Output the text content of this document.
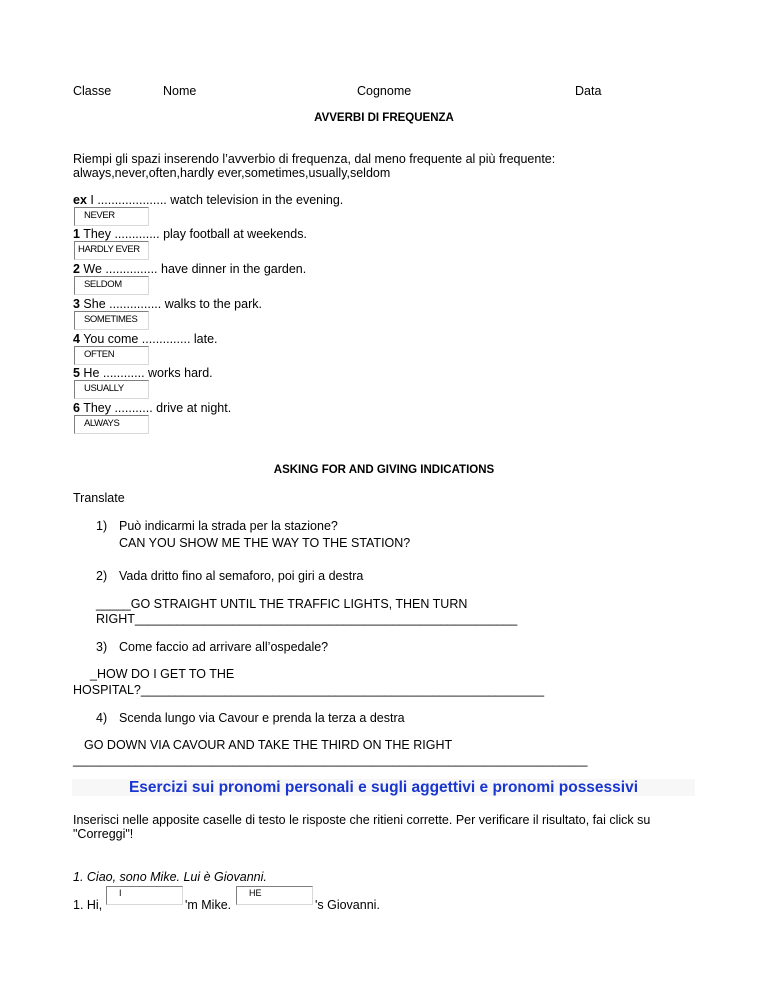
Classe	Nome	Cognome	Data
AVVERBI DI FREQUENZA
Riempi gli spazi inserendo l’avverbio di frequenza, dal meno frequente al più frequente:
always,never,often,hardly ever,sometimes,usually,seldom
ex I .................... watch television in the evening.
NEVER
1 They ............. play football at weekends.
HARDLY EVER
2 We ............... have dinner in the garden.
SELDOM
3 She ............... walks to the park.
SOMETIMES
4 You come .............. late.
OFTEN
5 He ............ works hard.
USUALLY
6 They ........... drive at night.
ALWAYS
ASKING FOR AND GIVING INDICATIONS
Translate
1) Può indicarmi la strada per la stazione?
CAN YOU SHOW ME THE WAY TO THE STATION?
2) Vada dritto fino al semaforo, poi giri a destra
_____GO STRAIGHT UNTIL THE TRAFFIC LIGHTS, THEN TURN
RIGHT_______________________________________________________
3) Come faccio ad arrivare all’ospedale?
_HOW DO I GET TO THE
HOSPITAL?__________________________________________________________
4) Scenda lungo via Cavour e prenda la terza a destra
GO DOWN VIA CAVOUR AND TAKE THE THIRD ON THE RIGHT
__________________________________________________________________________
Esercizi sui pronomi personali e sugli aggettivi e pronomi possessivi
Inserisci nelle apposite caselle di testo le risposte che ritieni corrette. Per verificare il risultato, fai click su
"Correggi"!
1. Ciao, sono Mike. Lui è Giovanni.
1. Hi,
I
'm Mike.
HE
's Giovanni.
